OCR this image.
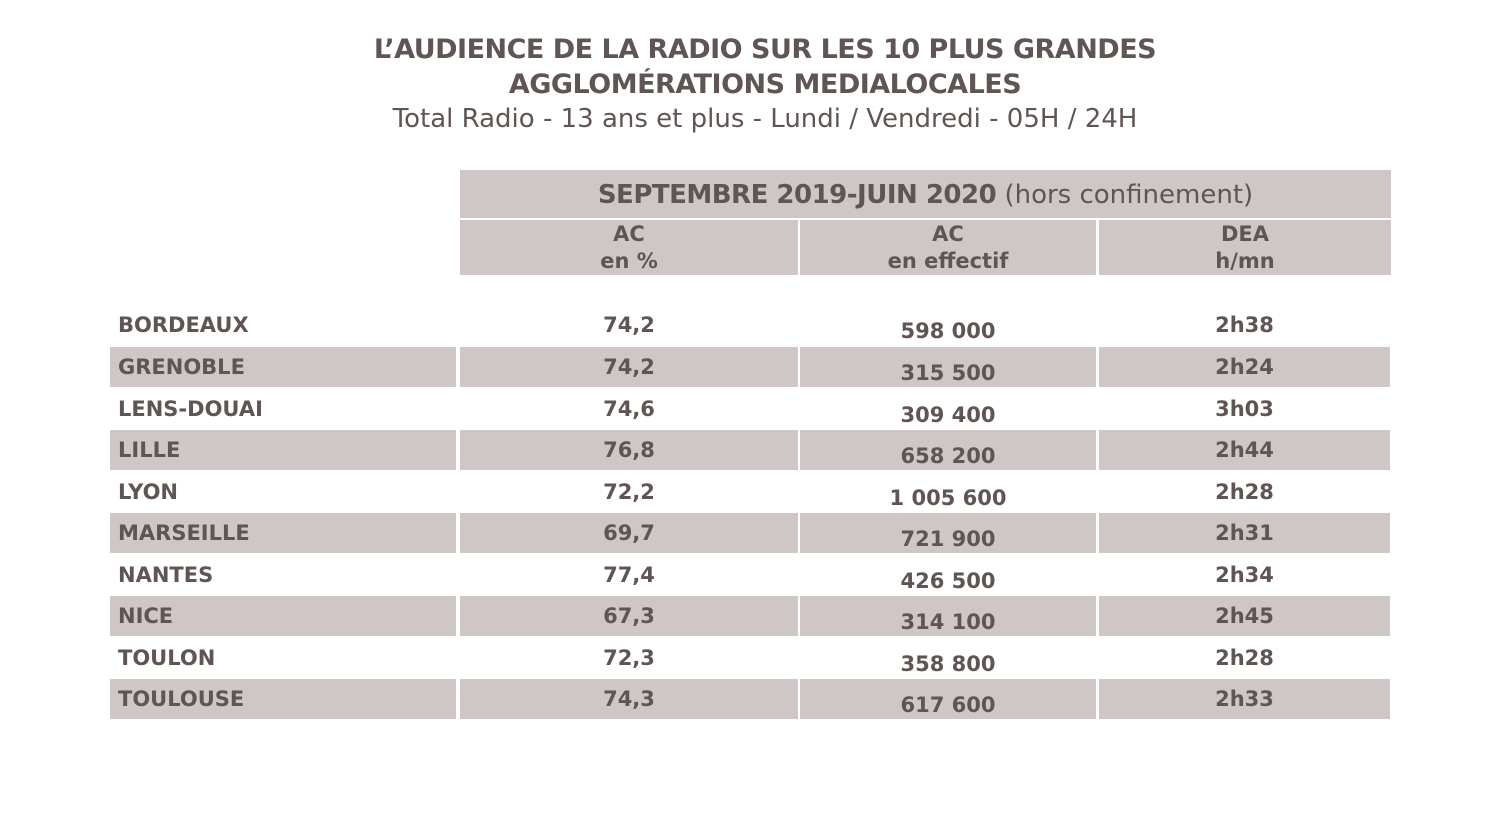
L’AUDIENCE DE LA RADIO SUR LES 10 PLUS GRANDES
AGGLOMÉRATIONS MEDIALOCALES
Total Radio - 13 ans et plus - Lundi / Vendredi - 05H / 24H
SEPTEMBRE 2019-JUIN 2020 (hors confinement)
AC
en %
AC
en effectif
DEA
h/mn
BORDEAUX	74,2	598 000	2h38
GRENOBLE	74,2	315 500	2h24
LENS-DOUAI	74,6	309 400	3h03
LILLE	76,8	658 200	2h44
LYON	72,2	1 005 600	2h28
MARSEILLE	69,7	721 900	2h31
NANTES	77,4	426 500	2h34
NICE	67,3	314 100	2h45
TOULON	72,3	358 800	2h28
TOULOUSE	74,3	617 600	2h33
